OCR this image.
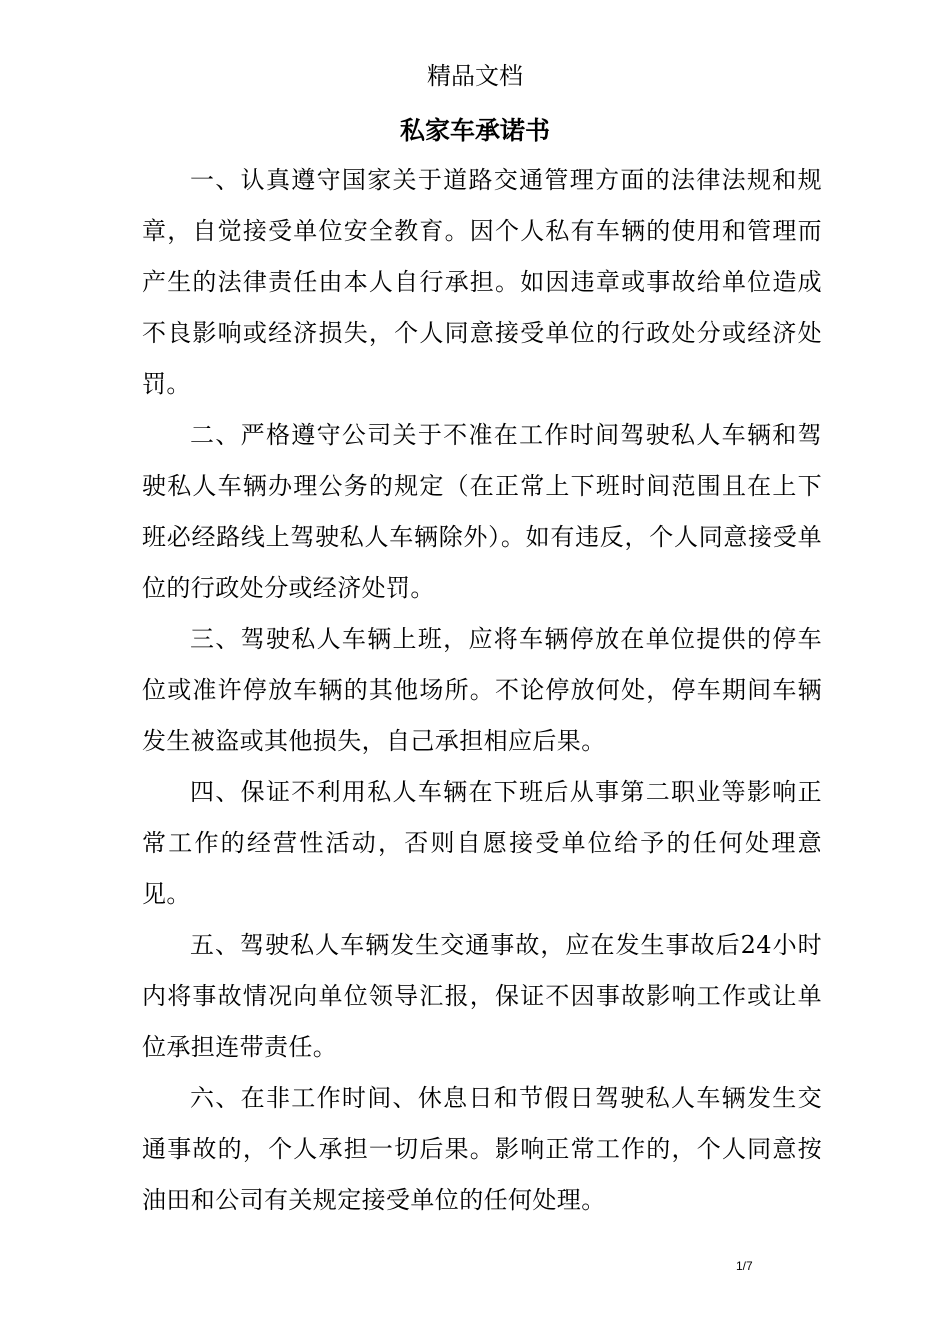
精品文档
私家车承诺书

一、认真遵守国家关于道路交通管理方面的法律法规和规章，自觉接受单位安全教育。因个人私有车辆的使用和管理而产生的法律责任由本人自行承担。如因违章或事故给单位造成不良影响或经济损失，个人同意接受单位的行政处分或经济处罚。

二、严格遵守公司关于不准在工作时间驾驶私人车辆和驾驶私人车辆办理公务的规定（在正常上下班时间范围且在上下班必经路线上驾驶私人车辆除外）。如有违反，个人同意接受单位的行政处分或经济处罚。

三、驾驶私人车辆上班，应将车辆停放在单位提供的停车位或准许停放车辆的其他场所。不论停放何处，停车期间车辆发生被盗或其他损失，自己承担相应后果。

四、保证不利用私人车辆在下班后从事第二职业等影响正常工作的经营性活动，否则自愿接受单位给予的任何处理意见。

五、驾驶私人车辆发生交通事故，应在发生事故后24小时内将事故情况向单位领导汇报，保证不因事故影响工作或让单位承担连带责任。

六、在非工作时间、休息日和节假日驾驶私人车辆发生交通事故的，个人承担一切后果。影响正常工作的，个人同意按油田和公司有关规定接受单位的任何处理。

1/7
